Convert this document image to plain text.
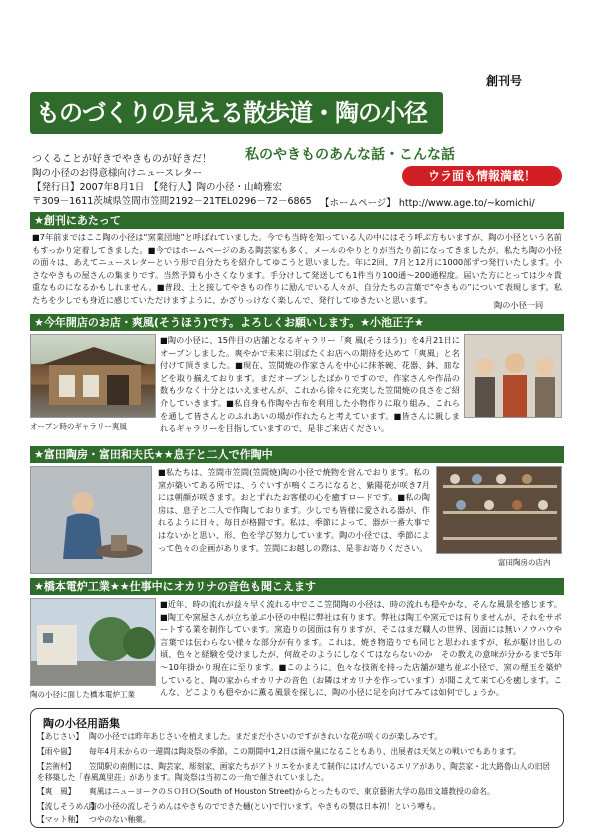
創刊号
ものづくりの見える散歩道・陶の小径
私のやきものあんな話・こんな話
つくることが好きでやきものが好きだ！
陶の小径のお得意様向けニュースレター
【発行日】2007年8月1日　【発行人】陶の小径・山崎雅宏
〒309－1611茨城県笠間市笠間2192－21TEL0296－72－6865
ウラ面も情報満載！
【ホームページ】 http://www.age.to/~komichi/
★創刊にあたって
■7年前まではここ陶の小径は“窯業団地”と呼ばれていました。今でも当時を知っている人の中にはそう呼ぶ方もいますが、陶の小径という名前もすっかり定着してきました。■今ではホームページのある陶芸家も多く、メールのやりとりが当たり前になってきましたが、私たち陶の小径の面々は、あえてニュースレターという形で自分たちを紹介してゆこうと思いました。年に2回、7月と12月に1000部ずつ発行いたします。小さなやきもの屋さんの集まりです。当然予算も小さくなります。手分けして発送しても1件当り100通～200通程度。届いた方にとっては少々貴重なものになるかもしれません。■普段、土と接してやきもの作りに励んでいる人々が、自分たちの言葉で“やきもの”について表現します。私たちを少しでも身近に感じていただけますように、かざりっけなく楽しんで、発行してゆきたいと思います。
陶の小径一同
★今年開店のお店・爽風(そうほう)です。よろしくお願いします。★小池正子★
オープン時のギャラリー爽風
■陶の小径に、15件目の店舗となるギャラリー「爽 風(そうほう)」を4月21日にオープンしました。爽やかで未来に羽ばたくお店への期待を込めて「爽風」と名付けて頂きました。■現在、笠間焼の作家さんを中心に抹茶碗、花器、鉢、皿などを取り揃えております。まだオープンしたばかりですので、作家さんや作品の数も少なく十分とはいえませんが、これから徐々に充実した笠間焼の良さをご紹介していきます。■私自身も作陶や古布を利用した小物作りに取り組み、これらを通して皆さんとのふれあいの場が作れたらと考えています。■皆さんに親しまれるギャラリーを目指していますので、是非ご来店ください。
★富田陶房・富田和夫氏★★息子と二人で作陶中
■私たちは、笠間市笠間(笠間焼)陶の小径で焼物を営んでおります。私の窯が築いてある所では、うぐいすが鳴くころになると、紫陽花が咲き7月には朝顔が咲きます。おとずれたお客様の心を癒すロードです。■私の陶房は、息子と二人で作陶しております。少しでも皆様に愛される器が、作れるように日々、毎日が格闘です。私は、季節によって、器が一番大事ではないかと思い、形、色を学び努力しています。陶の小径では、季節によって色々の企画があります。笠間にお越しの際は、是非お寄りください。
富田陶房の店内
★橋本電炉工業★★仕事中にオカリナの音色も聞こえます
陶の小径に面した橋本電炉工業
■近年、時の流れが益々早く流れる中でここ笠間陶の小径は、時の流れも穏やかな、そんな風景を感じます。■陶工や窯屋さんが立ち並ぶ小径の中程に弊社は有ります。弊社は陶工や窯元では有りませんが、それをサポートする業を制作しています。窯造りの図面は有りますが、そこはまだ職人の世界、図面には無いノウハウや言葉では伝わらない様々な部分が有ります。これは、焼き物造りでも同じと思われますが、私が駆け出しの頃、色々と経験を受けましたが、何故そのようにしなくてはならないのか　その教えの意味が分かるまで5年～10年掛かり現在に至ります。■このように、色々な技術を持った店舗が建ち並ぶ小径で、窯の煙玉を築炉していると、陶の家からオカリナの音色（お隣はオカリナを作っています）が聞こえて来て心を癒します。こんな、どこよりも穏やかに薫る風景を探しに、陶の小径に足を向けてみては如何でしょうか。
陶の小径用語集
【あじさい】 陶の小径では昨年あじさいを植えました。まだまだ小さいのですがきれいな花が咲くのが楽しみです。
【雨や嵐】 毎年4月末からの一週間は陶炎祭の季節。この期間中1,2日は雨や嵐になることもあり、出展者は天気との戦いでもあります。
【芸術村】 笠間駅の南側には、陶芸家、彫刻家、画家たちがアトリエをかまえて制作にはげんでいるエリアがあり、陶芸家・北大路魯山人の旧居を移築した「春風萬里荘」があります。陶炎祭は当初この一角で催されていました。
【爽　風】 爽風はニューヨークのＳＯＨＯ(South of Houston Street)からとったもので、東京藝術大学の島田文雄教授の命名。
【流しそうめん】陶の小径の流しそうめんはやきものでできた樋(とい)で行います。やきもの製は日本初！という噂も。
【マット釉】 つやのない釉薬。
